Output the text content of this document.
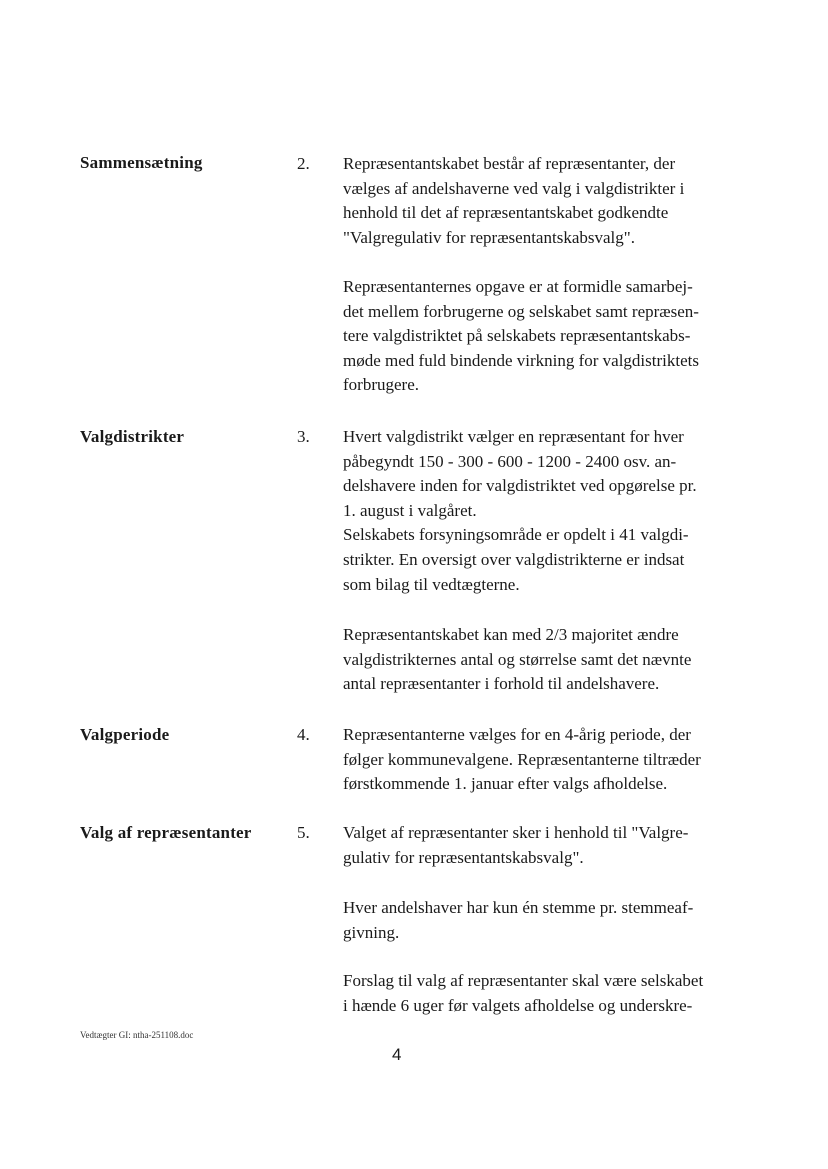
Sammensætning	2. Repræsentantskabet består af repræsentanter, der
vælges af andelshaverne ved valg i valgdistrikter i
henhold til det af repræsentantskabet godkendte
"Valgregulativ for repræsentantskabsvalg".

Repræsentanternes opgave er at formidle samarbej-
det mellem forbrugerne og selskabet samt repræsen-
tere valgdistriktet på selskabets repræsentantskabs-
møde med fuld bindende virkning for valgdistriktets
forbrugere.

Valgdistrikter	3. Hvert valgdistrikt vælger en repræsentant for hver
påbegyndt 150 - 300 - 600 - 1200 - 2400 osv. an-
delshavere inden for valgdistriktet ved opgørelse pr.
1. august i valgåret.
Selskabets forsyningsområde er opdelt i 41 valgdi-
strikter. En oversigt over valgdistrikterne er indsat
som bilag til vedtægterne.

Repræsentantskabet kan med 2/3 majoritet ændre
valgdistrikternes antal og størrelse samt det nævnte
antal repræsentanter i forhold til andelshavere.

Valgperiode	4. Repræsentanterne vælges for en 4-årig periode, der
følger kommunevalgene. Repræsentanterne tiltræder
førstkommende 1. januar efter valgs afholdelse.

Valg af repræsentanter	5. Valget af repræsentanter sker i henhold til "Valgre-
gulativ for repræsentantskabsvalg".

Hver andelshaver har kun én stemme pr. stemmeaf-
givning.

Forslag til valg af repræsentanter skal være selskabet
i hænde 6 uger før valgets afholdelse og underskre-

Vedtægter GI: ntha-251108.doc
4
